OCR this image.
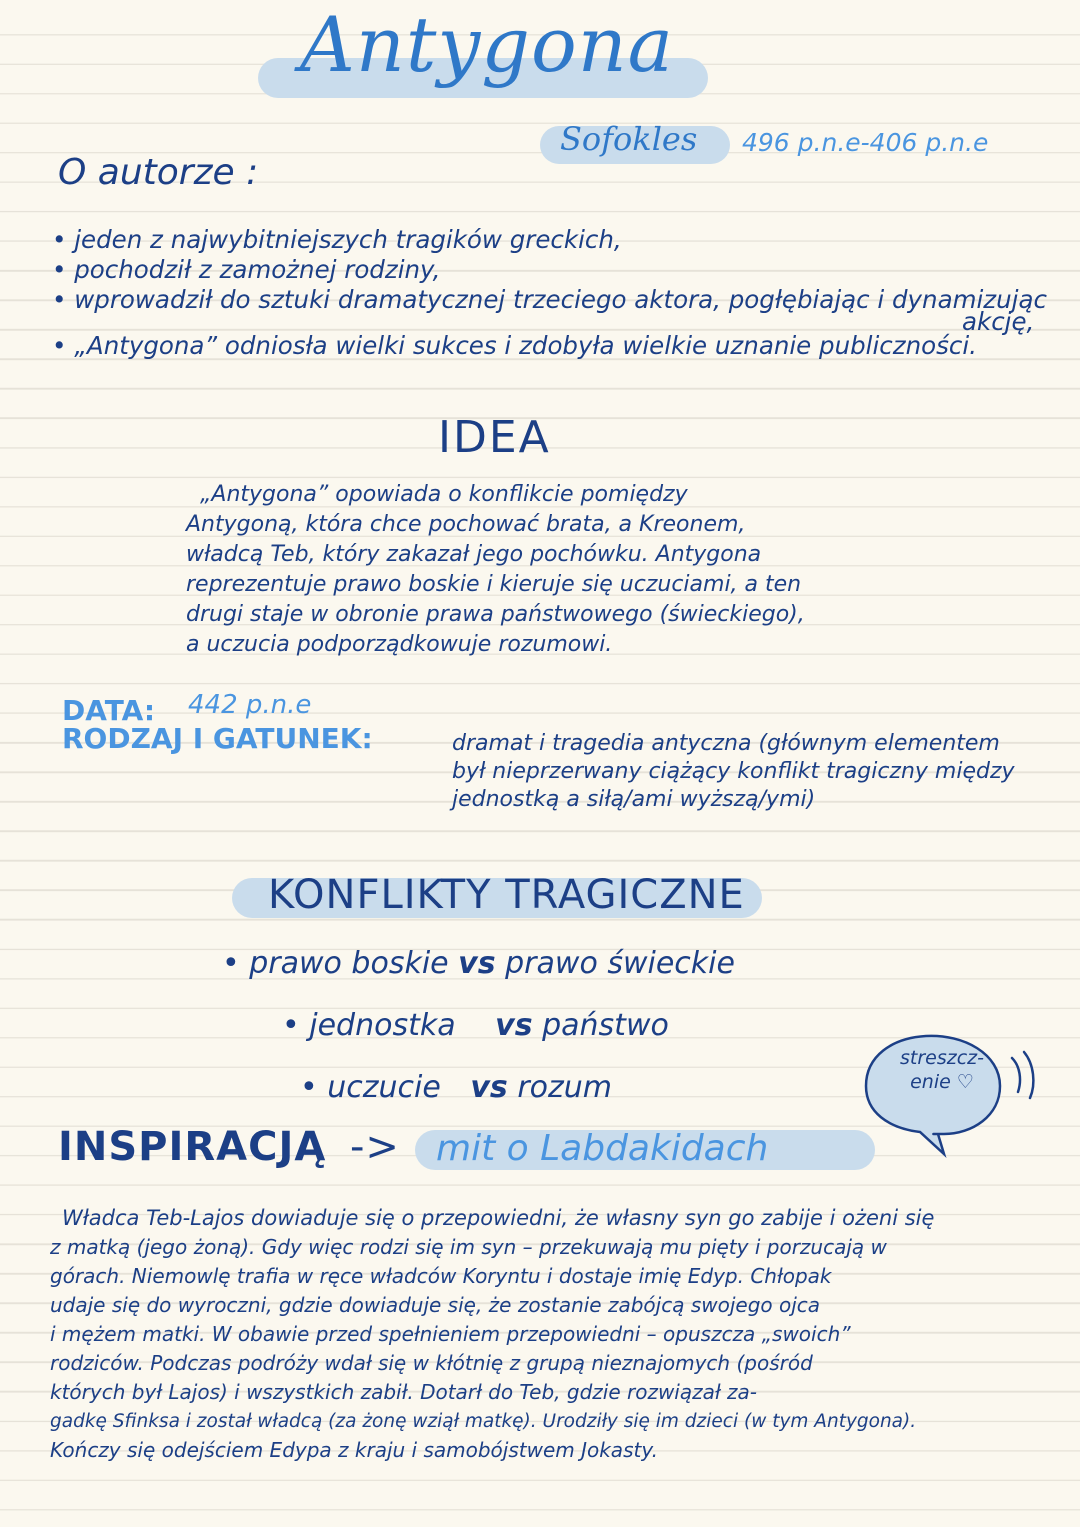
Antygona
Sofokles 496 p.n.e-406 p.n.e
O autorze :
• jeden z najwybitniejszych tragików greckich,
• pochodził z zamożnej rodziny,
• wprowadził do sztuki dramatycznej trzeciego aktora, pogłębiając i dynamizując
akcję,
• „Antygona” odniosła wielki sukces i zdobyła wielkie uznanie publiczności.
IDEA
„Antygona” opowiada o konflikcie pomiędzy
Antygoną, która chce pochować brata, a Kreonem,
władcą Teb, który zakazał jego pochówku. Antygona
reprezentuje prawo boskie i kieruje się uczuciami, a ten
drugi staje w obronie prawa państwowego (świeckiego),
a uczucia podporządkowuje rozumowi.
DATA: 442 p.n.e
RODZAJ I GATUNEK:	dramat i tragedia antyczna (głównym elementem
był nieprzerwany ciążący konflikt tragiczny między
jednostką a siłą/ami wyższą/ymi)
KONFLIKTY TRAGICZNE
• prawo boskie vs prawo świeckie
• jednostka vs państwo
• uczucie vs rozum
streszcz-
enie ♡
INSPIRACJĄ -> mit o Labdakidach
Władca Teb-Lajos dowiaduje się o przepowiedni, że własny syn go zabije i ożeni się
z matką (jego żoną). Gdy więc rodzi się im syn – przekuwają mu pięty i porzucają w
górach. Niemowlę trafia w ręce władców Koryntu i dostaje imię Edyp. Chłopak
udaje się do wyroczni, gdzie dowiaduje się, że zostanie zabójcą swojego ojca
i mężem matki. W obawie przed spełnieniem przepowiedni – opuszcza „swoich”
rodziców. Podczas podróży wdał się w kłótnię z grupą nieznajomych (pośród
których był Lajos) i wszystkich zabił. Dotarł do Teb, gdzie rozwiązał za-
gadkę Sfinksa i został władcą (za żonę wziął matkę). Urodziły się im dzieci (w tym Antygona).
Kończy się odejściem Edypa z kraju i samobójstwem Jokasty.
